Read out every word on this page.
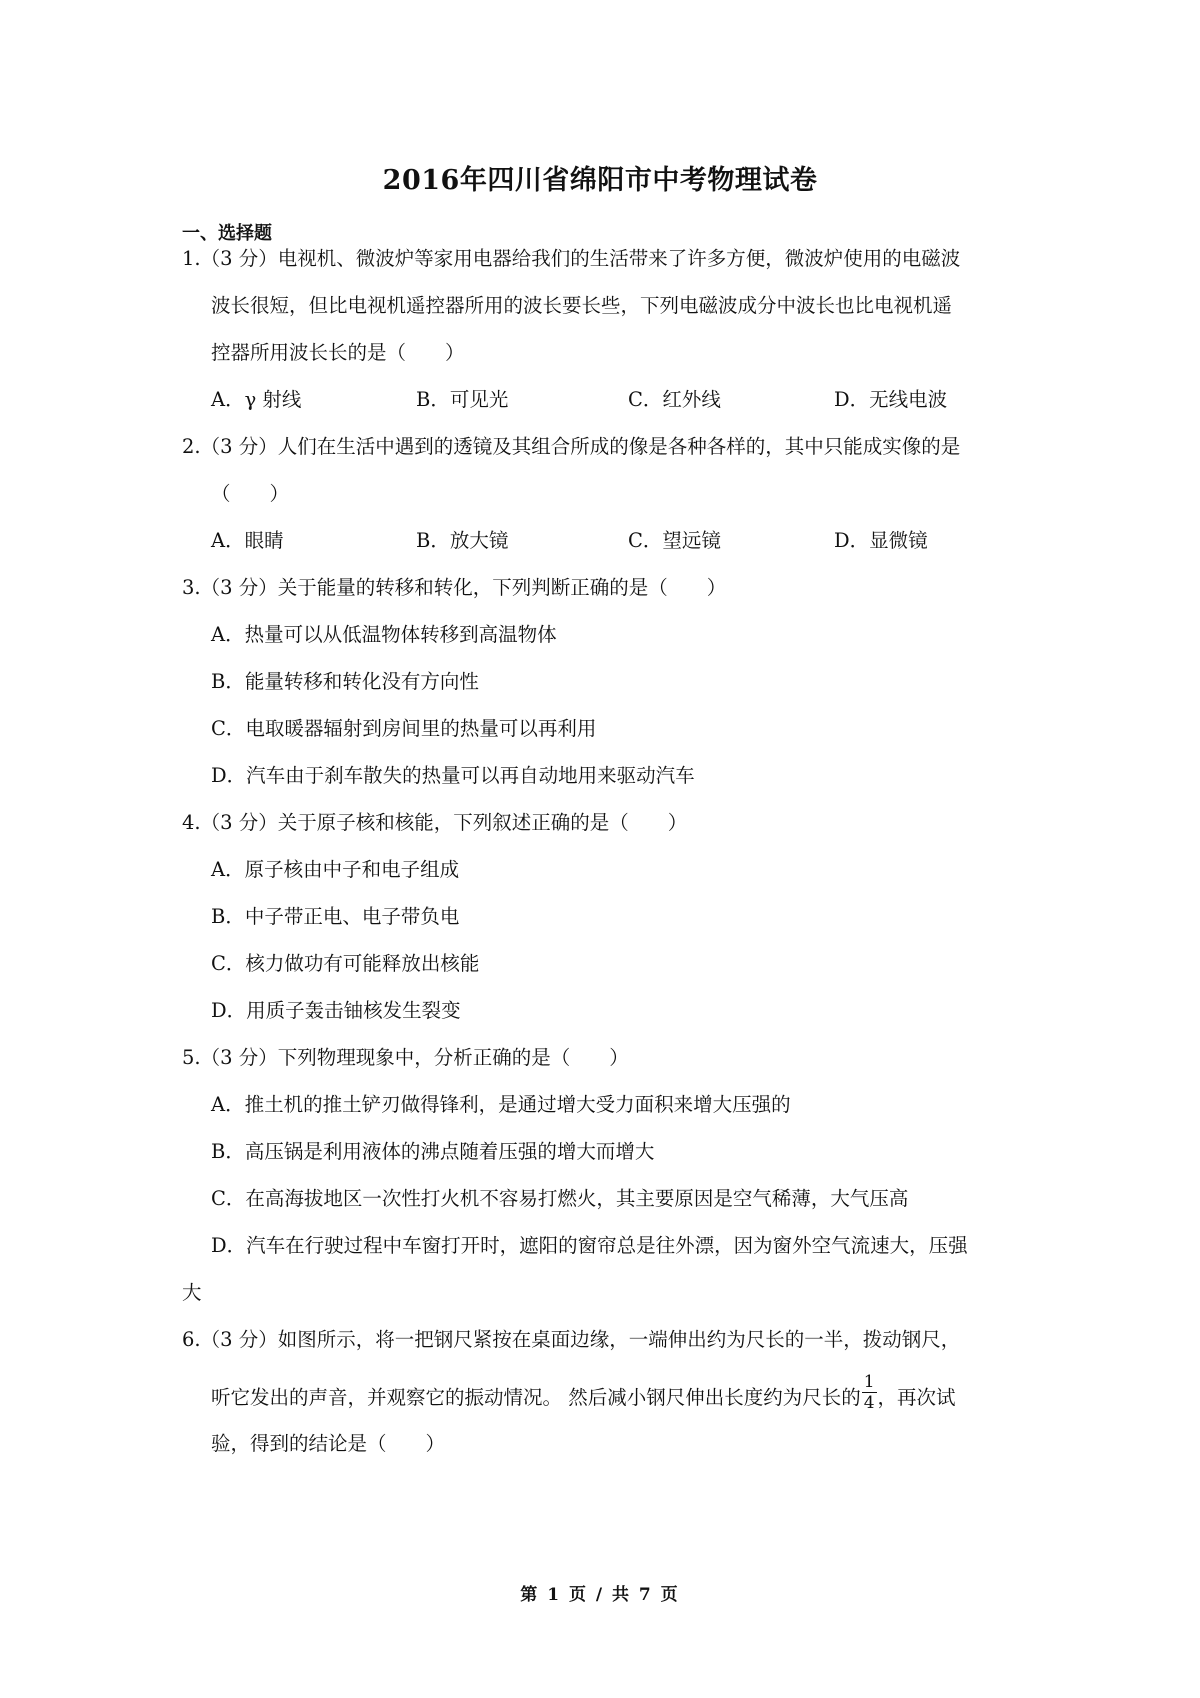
2016年四川省绵阳市中考物理试卷
一、选择题
1.（3 分）电视机、微波炉等家用电器给我们的生活带来了许多方便，微波炉使用的电磁波
波长很短，但比电视机遥控器所用的波长要长些，下列电磁波成分中波长也比电视机遥
控器所用波长长的是（　　）
A．γ 射线	B．可见光	C．红外线	D．无线电波
2.（3 分）人们在生活中遇到的透镜及其组合所成的像是各种各样的，其中只能成实像的是
（　　）
A．眼睛	B．放大镜	C．望远镜	D．显微镜
3.（3 分）关于能量的转移和转化，下列判断正确的是（　　）
A．热量可以从低温物体转移到高温物体
B．能量转移和转化没有方向性
C．电取暖器辐射到房间里的热量可以再利用
D．汽车由于刹车散失的热量可以再自动地用来驱动汽车
4.（3 分）关于原子核和核能，下列叙述正确的是（　　）
A．原子核由中子和电子组成
B．中子带正电、电子带负电
C．核力做功有可能释放出核能
D．用质子轰击铀核发生裂变
5.（3 分）下列物理现象中，分析正确的是（　　）
A．推土机的推土铲刃做得锋利，是通过增大受力面积来增大压强的
B．高压锅是利用液体的沸点随着压强的增大而增大
C．在高海拔地区一次性打火机不容易打燃火，其主要原因是空气稀薄，大气压高
D．汽车在行驶过程中车窗打开时，遮阳的窗帘总是往外漂，因为窗外空气流速大，压强
大
6.（3 分）如图所示，将一把钢尺紧按在桌面边缘，一端伸出约为尺长的一半，拨动钢尺，
听它发出的声音，并观察它的振动情况。 然后减小钢尺伸出长度约为尺长的 $\frac{1}{4}$ ，再次试
验，得到的结论是（　　）
第 1 页 / 共 7 页
